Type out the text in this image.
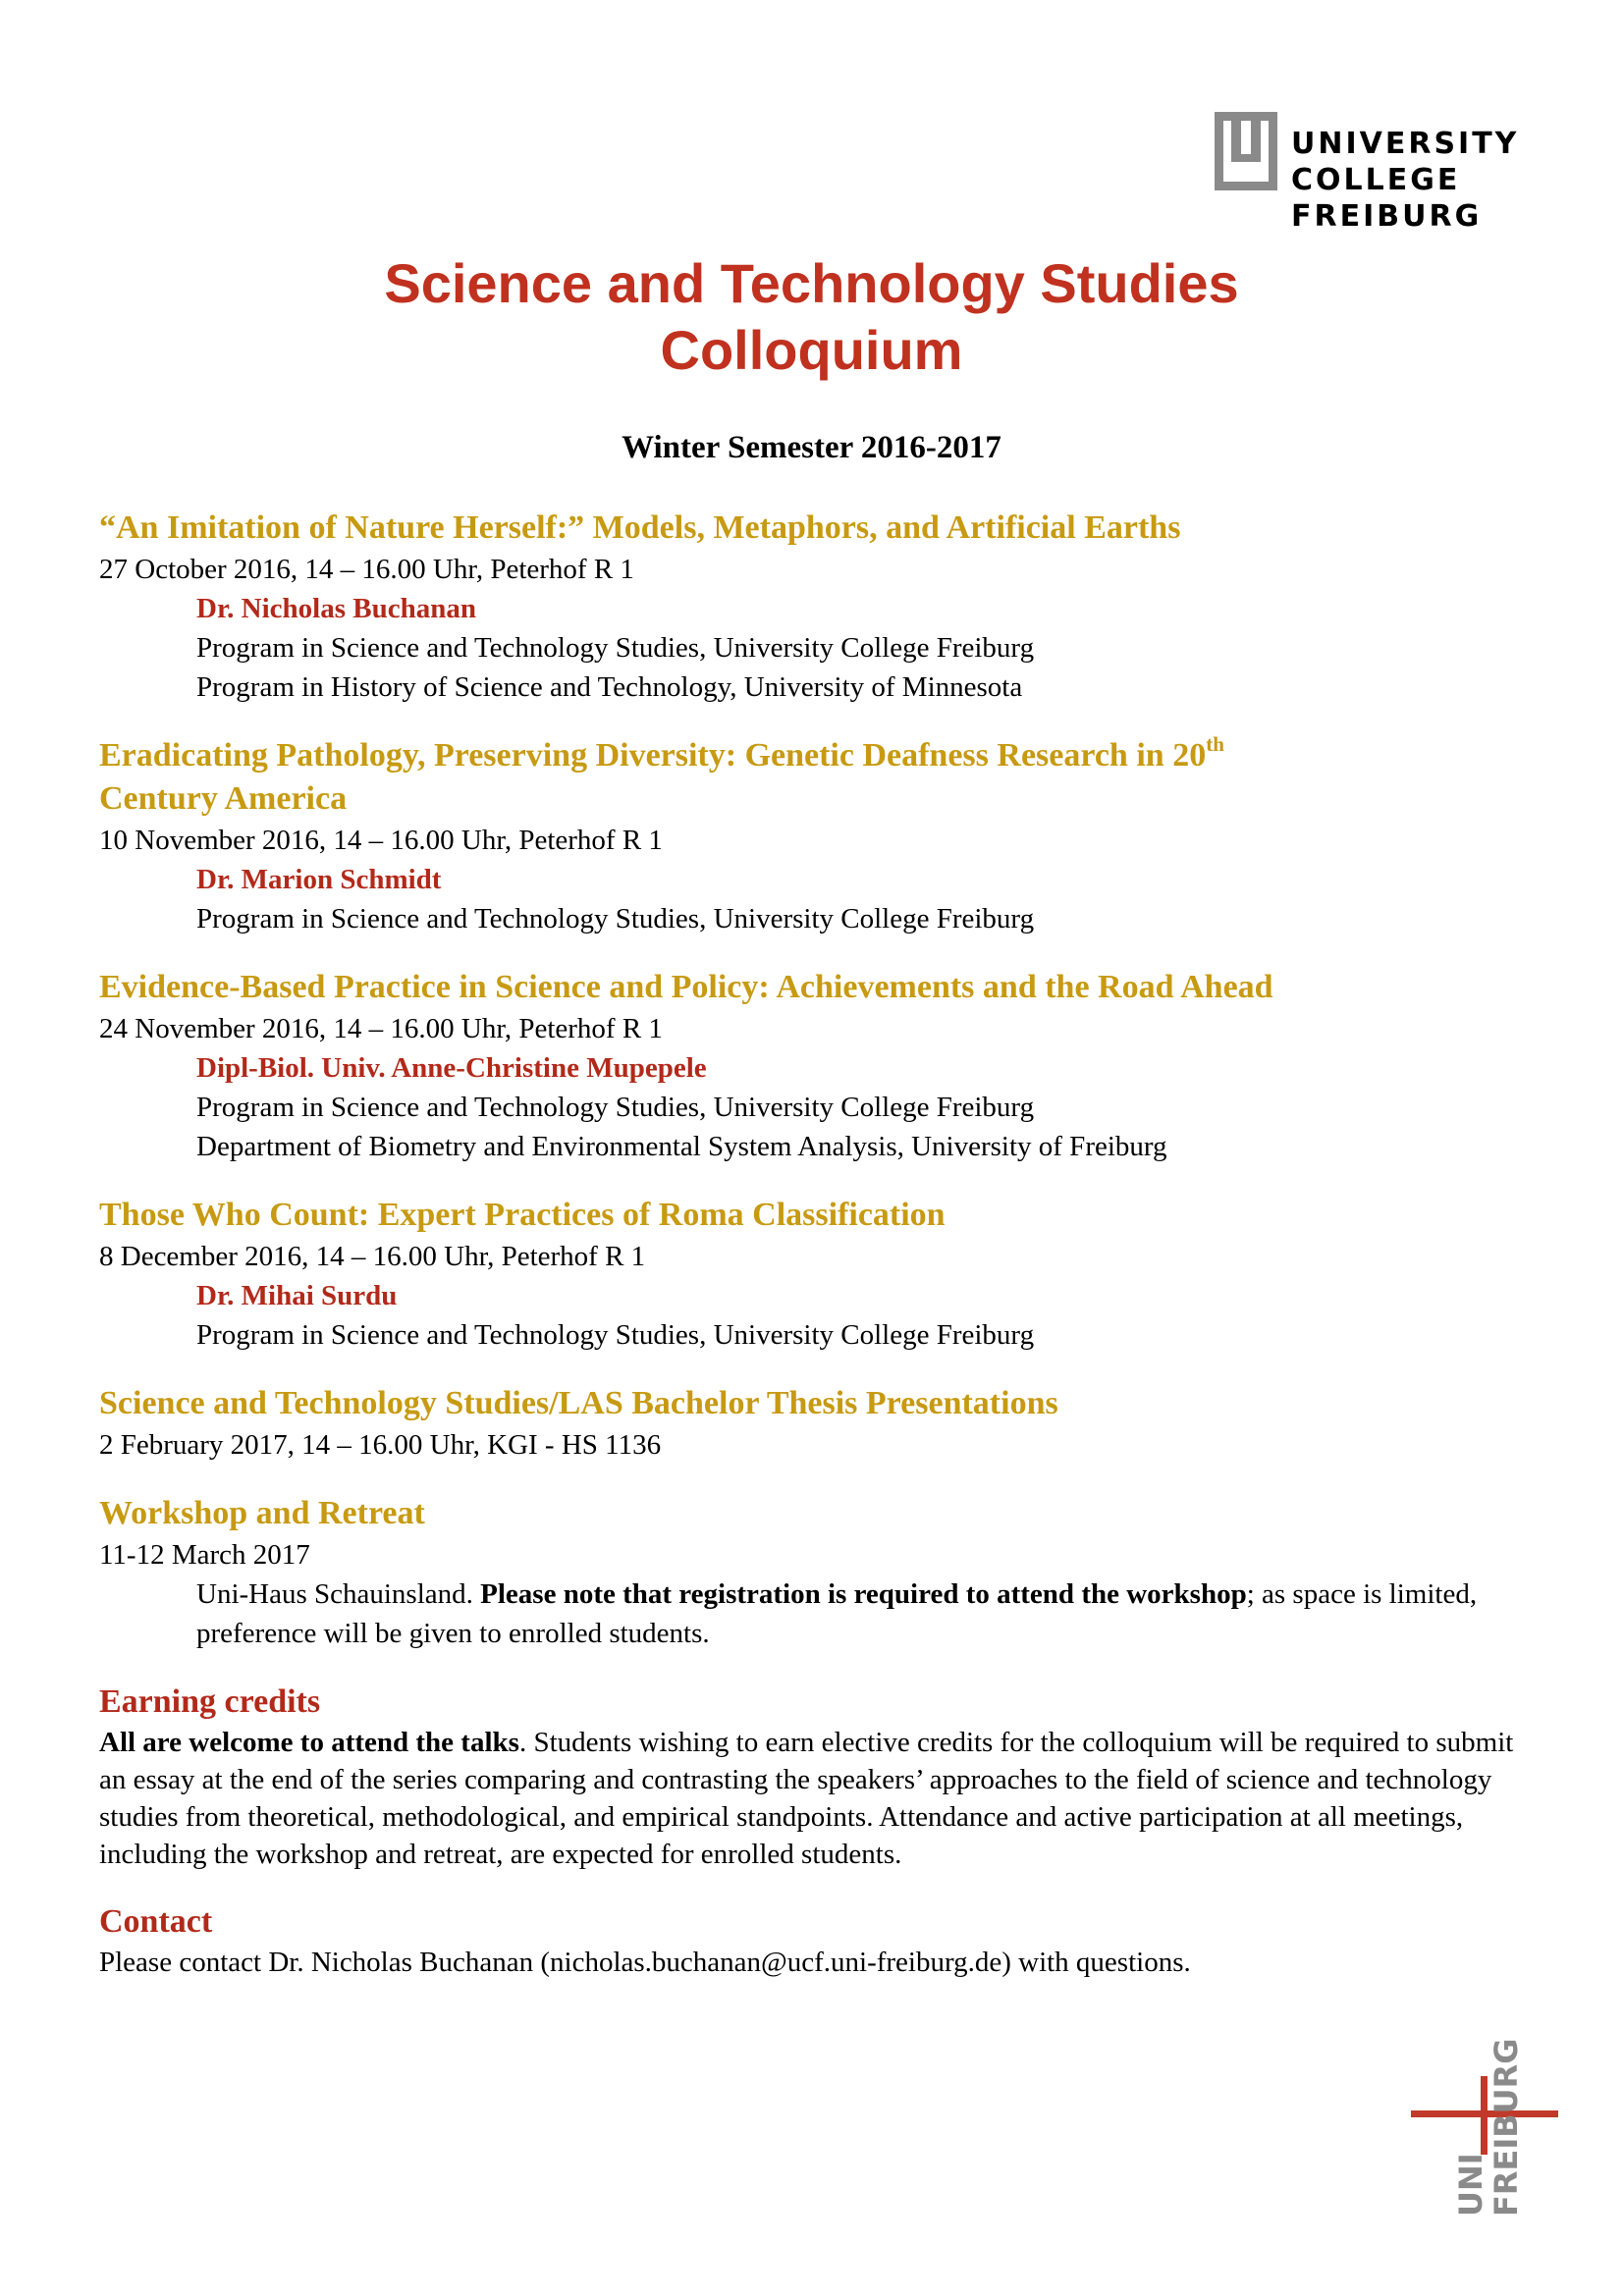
UNIVERSITY
COLLEGE
FREIBURG
Science and Technology Studies
Colloquium
Winter Semester 2016-2017
“An Imitation of Nature Herself:” Models, Metaphors, and Artificial Earths
27 October 2016, 14 – 16.00 Uhr, Peterhof R 1
Dr. Nicholas Buchanan
Program in Science and Technology Studies, University College Freiburg
Program in History of Science and Technology, University of Minnesota
Eradicating Pathology, Preserving Diversity: Genetic Deafness Research in 20th
Century America
10 November 2016, 14 – 16.00 Uhr, Peterhof R 1
Dr. Marion Schmidt
Program in Science and Technology Studies, University College Freiburg
Evidence-Based Practice in Science and Policy: Achievements and the Road Ahead
24 November 2016, 14 – 16.00 Uhr, Peterhof R 1
Dipl-Biol. Univ. Anne-Christine Mupepele
Program in Science and Technology Studies, University College Freiburg
Department of Biometry and Environmental System Analysis, University of Freiburg
Those Who Count: Expert Practices of Roma Classification
8 December 2016, 14 – 16.00 Uhr, Peterhof R 1
Dr. Mihai Surdu
Program in Science and Technology Studies, University College Freiburg
Science and Technology Studies/LAS Bachelor Thesis Presentations
2 February 2017, 14 – 16.00 Uhr, KGI - HS 1136
Workshop and Retreat
11-12 March 2017
Uni-Haus Schauinsland. Please note that registration is required to attend the workshop; as space is limited, preference will be given to enrolled students.
Earning credits
All are welcome to attend the talks. Students wishing to earn elective credits for the colloquium will be required to submit an essay at the end of the series comparing and contrasting the speakers’ approaches to the field of science and technology studies from theoretical, methodological, and empirical standpoints. Attendance and active participation at all meetings, including the workshop and retreat, are expected for enrolled students.
Contact
Please contact Dr. Nicholas Buchanan (nicholas.buchanan@ucf.uni-freiburg.de) with questions.
UNI
FREIBURG
